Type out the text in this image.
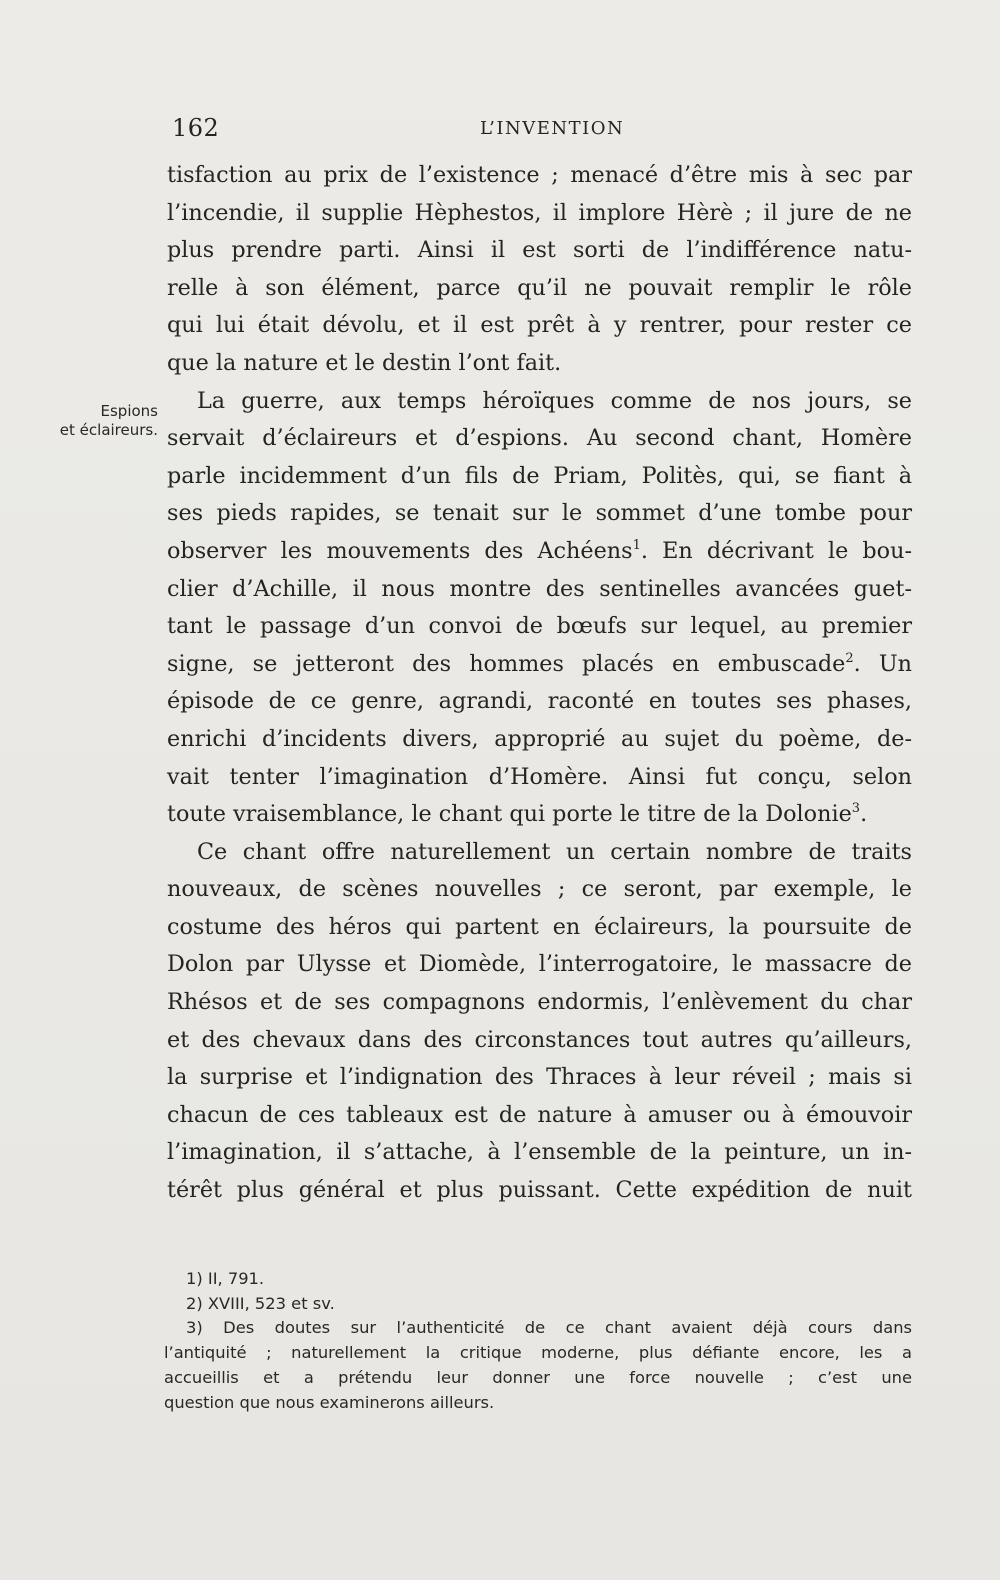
162	L’INVENTION
Espions
et éclaireurs.
tisfaction au prix de l’existence ; menacé d’être mis à sec par
l’incendie, il supplie Hèphestos, il implore Hèrè ; il jure de ne
plus prendre parti. Ainsi il est sorti de l’indifférence natu-
relle à son élément, parce qu’il ne pouvait remplir le rôle
qui lui était dévolu, et il est prêt à y rentrer, pour rester ce
que la nature et le destin l’ont fait.
La guerre, aux temps héroïques comme de nos jours, se
servait d’éclaireurs et d’espions. Au second chant, Homère
parle incidemment d’un fils de Priam, Politès, qui, se fiant à
ses pieds rapides, se tenait sur le sommet d’une tombe pour
observer les mouvements des Achéens$^1$. En décrivant le bou-
clier d’Achille, il nous montre des sentinelles avancées guet-
tant le passage d’un convoi de bœufs sur lequel, au premier
signe, se jetteront des hommes placés en embuscade$^2$. Un
épisode de ce genre, agrandi, raconté en toutes ses phases,
enrichi d’incidents divers, approprié au sujet du poème, de-
vait tenter l’imagination d’Homère. Ainsi fut conçu, selon
toute vraisemblance, le chant qui porte le titre de la Dolonie$^3$.
Ce chant offre naturellement un certain nombre de traits
nouveaux, de scènes nouvelles ; ce seront, par exemple, le
costume des héros qui partent en éclaireurs, la poursuite de
Dolon par Ulysse et Diomède, l’interrogatoire, le massacre de
Rhésos et de ses compagnons endormis, l’enlèvement du char
et des chevaux dans des circonstances tout autres qu’ailleurs,
la surprise et l’indignation des Thraces à leur réveil ; mais si
chacun de ces tableaux est de nature à amuser ou à émouvoir
l’imagination, il s’attache, à l’ensemble de la peinture, un in-
térêt plus général et plus puissant. Cette expédition de nuit
1) II, 791.
2) XVIII, 523 et sv.
3) Des doutes sur l’authenticité de ce chant avaient déjà cours dans
l’antiquité ; naturellement la critique moderne, plus défiante encore, les a
accueillis et a prétendu leur donner une force nouvelle ; c’est une
question que nous examinerons ailleurs.
